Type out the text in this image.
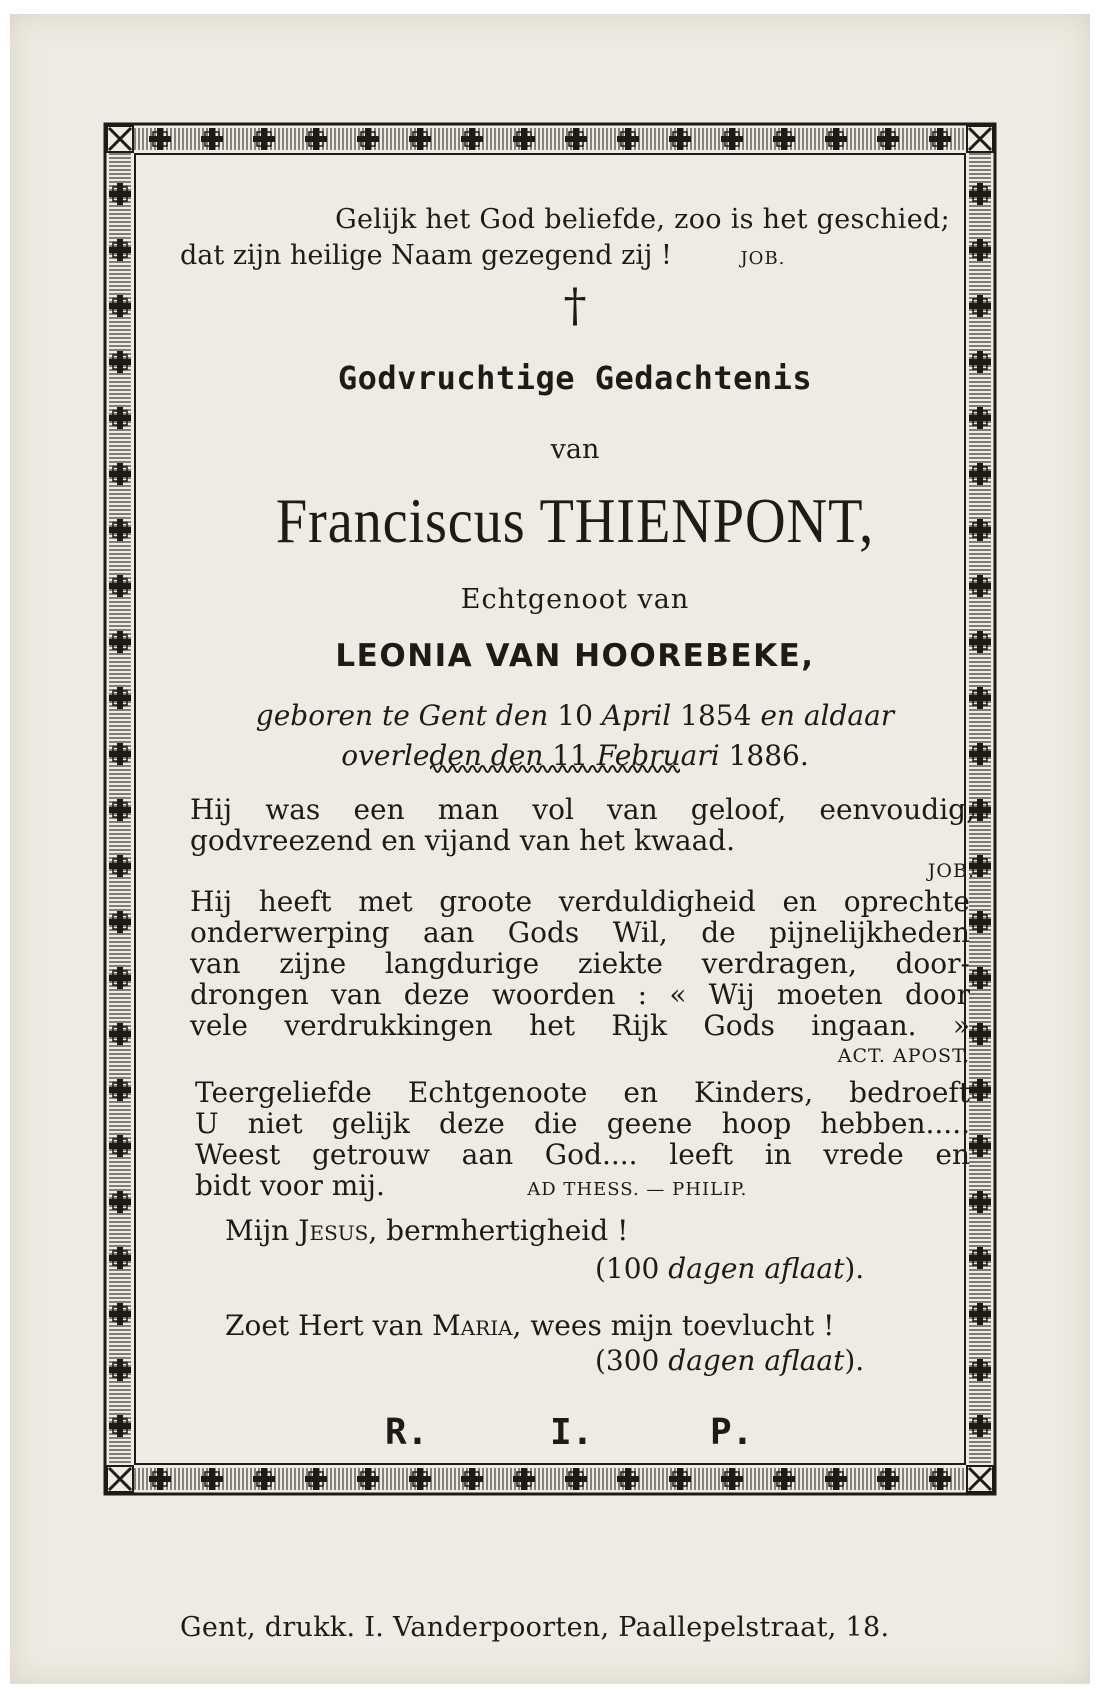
Gelijk het God beliefde, zoo is het geschied;
dat zijn heilige Naam gezegend zij !	JOB.
†
Godvruchtige Gedachtenis
van
Franciscus THIENPONT,
Echtgenoot van
LEONIA VAN HOOREBEKE,
geboren te Gent den 10 April 1854 en aldaar
overleden den 11 Februari 1886.
Hij was een man vol van geloof, eenvoudig,
godvreezend en vijand van het kwaad.
JOB.
Hij heeft met groote verduldigheid en oprechte
onderwerping aan Gods Wil, de pijnelijkheden
van zijne langdurige ziekte verdragen, door-
drongen van deze woorden : « Wij moeten door
vele verdrukkingen het Rijk Gods ingaan. »
ACT. APOST.
Teergeliefde Echtgenoote en Kinders, bedroeft
U niet gelijk deze die geene hoop hebben.....
Weest getrouw aan God.... leeft in vrede en
bidt voor mij.	AD THESS. — PHILIP.
Mijn Jesus, bermhertigheid !
(100 dagen aflaat).
Zoet Hert van Maria, wees mijn toevlucht !
(300 dagen aflaat).
R.	I.	P.
Gent, drukk. I. Vanderpoorten, Paallepelstraat, 18.
